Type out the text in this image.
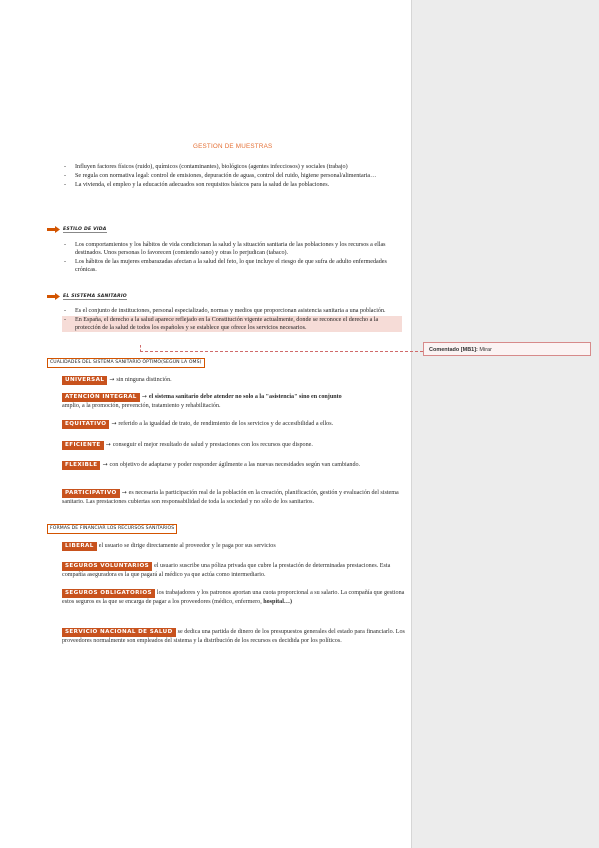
Comentado [MB1]: Mirar
GESTION DE MUESTRAS
- Influyen factores físicos (ruido), químicos (contaminantes), biológicos (agentes infecciosos) y sociales (trabajo)
- Se regula con normativa legal: control de emisiones, depuración de aguas, control del ruido, higiene personal/alimentaria…
- La vivienda, el empleo y la educación adecuados son requisitos básicos para la salud de las poblaciones.
ESTILO DE VIDA
- Los comportamientos y los hábitos de vida condicionan la salud y la situación sanitaria de las poblaciones y los recursos a ellas destinados. Unos personas lo favorecen (comiendo sano) y otras lo perjudican (tabaco).
- Los hábitos de las mujeres embarazadas afectan a la salud del feto, lo que incluye el riesgo de que sufra de adulto enfermedades crónicas.
EL SISTEMA SANITARIO
- Es el conjunto de instituciones, personal especializado, normas y medios que proporcionan asistencia sanitaria a una población.
- En España, el derecho a la salud aparece reflejado en la Constitución vigente actualmente, donde se reconoce el derecho a la protección de la salud de todos los españoles y se establece que ofrece los servicios necesarios.
CUALIDADES DEL SISTEMA SANITARIO ÓPTIMO(SEGÚN LA OMS)
UNIVERSAL → sin ninguna distinción.
ATENCIÓN INTEGRAL → el sistema sanitario debe atender no solo a la "asistencia" sino en conjunto
amplio, a la promoción, prevención, tratamiento y rehabilitación.
EQUITATIVO → referido a la igualdad de trato, de rendimiento de los servicios y de accesibilidad a ellos.
EFICIENTE → conseguir el mejor resultado de salud y prestaciones con los recursos que dispone.
FLEXIBLE → con objetivo de adaptarse y poder responder ágilmente a las nuevas necesidades según van cambiando.
PARTICIPATIVO → es necesaria la participación real de la población en la creación, planificación, gestión y evaluación del sistema sanitario. Las prestaciones cubiertas son responsabilidad de toda la sociedad y no sólo de los sanitarios.
FORMAS DE FINANCIAR LOS RECURSOS SANITARIOS
LIBERAL el usuario se dirige directamente al proveedor y le paga por sus servicios
SEGUROS VOLUNTARIOS el usuario suscribe una póliza privada que cubre la prestación de determinadas prestaciones. Esta compañía aseguradora es la que pagará al médico ya que actúa como intermediario.
SEGUROS OBLIGATORIOS los trabajadores y los patronos aportan una cuota proporcional a su salario. La compañía que gestiona estos seguros es la que se encarga de pagar a los proveedores (médico, enfermero, hospital…)
SERVICIO NACIONAL DE SALUD se dedica una partida de dinero de los presupuestos generales del estado para financiarlo. Los proveedores normalmente son empleados del sistema y la distribución de los recursos es decidida por los políticos.
